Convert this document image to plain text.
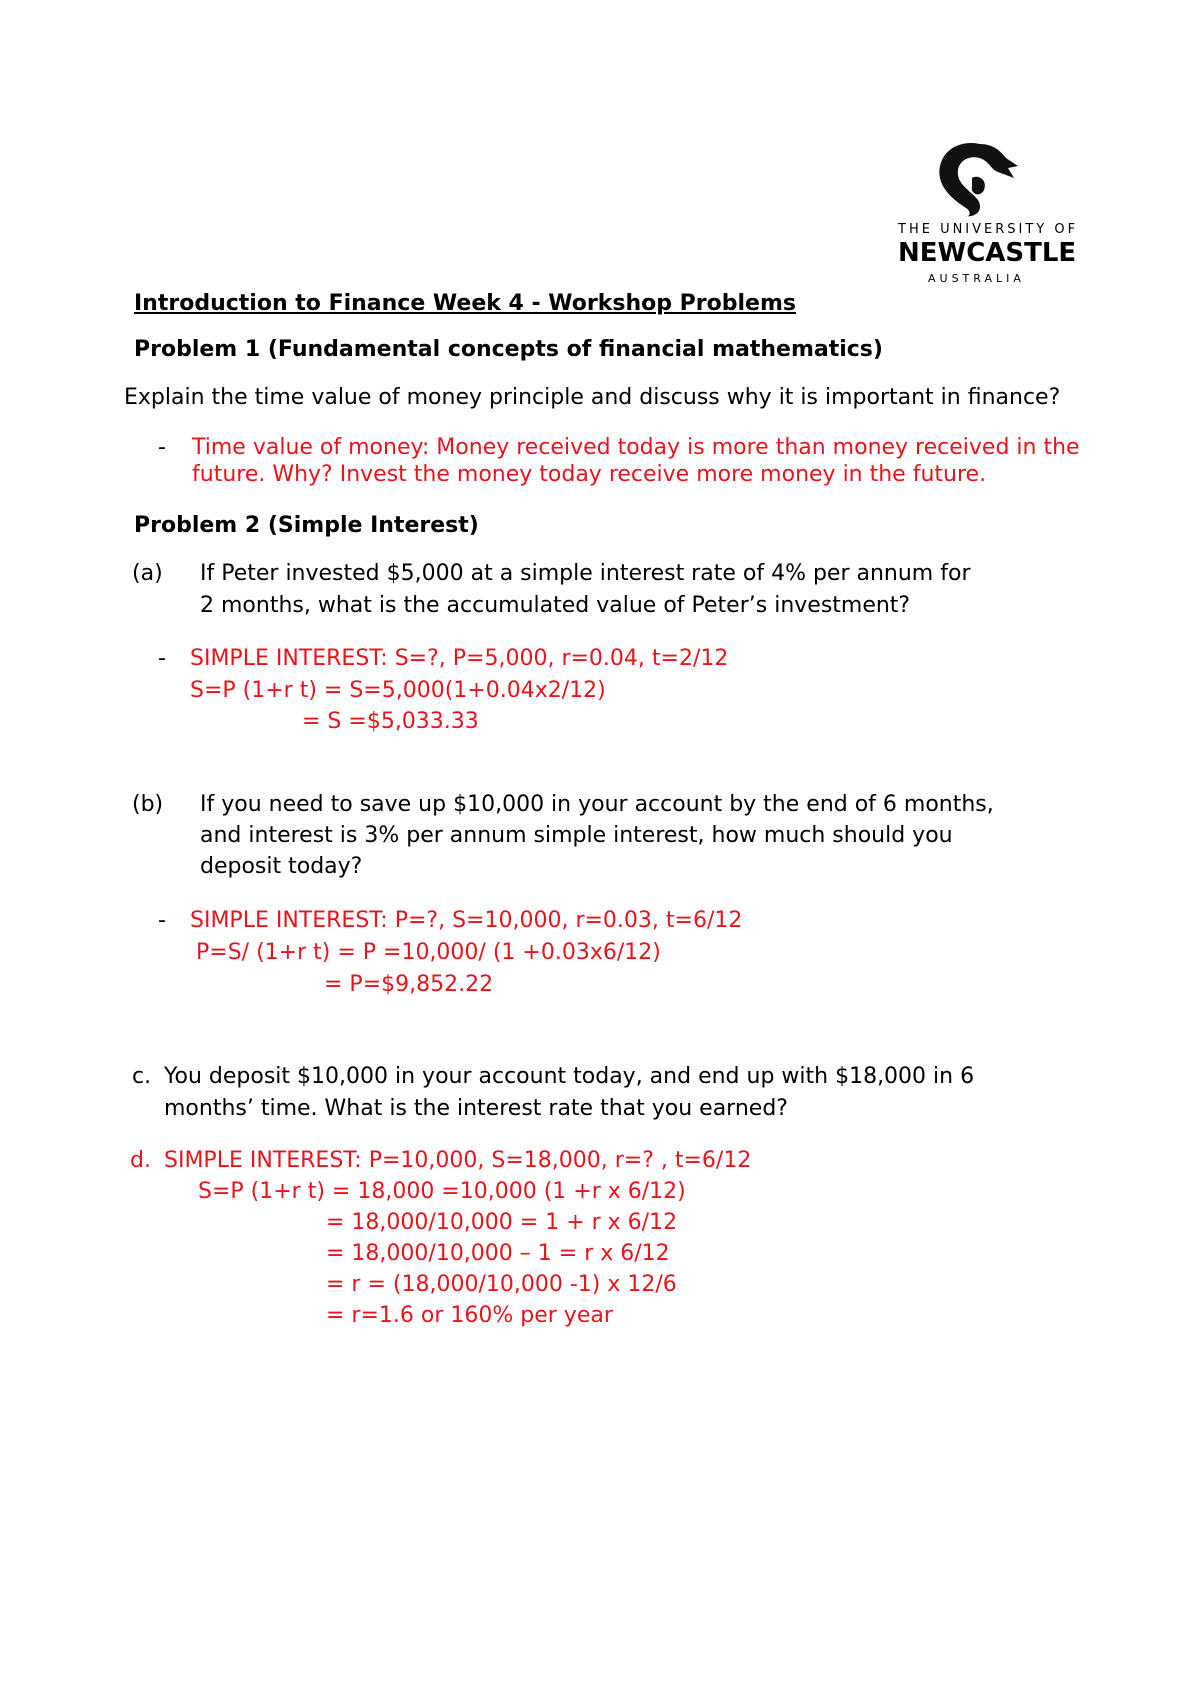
THE UNIVERSITY OF
NEWCASTLE
AUSTRALIA
Introduction to Finance Week 4 - Workshop Problems
Problem 1 (Fundamental concepts of financial mathematics)
Explain the time value of money principle and discuss why it is important in finance?
- Time value of money: Money received today is more than money received in the
future. Why? Invest the money today receive more money in the future.
Problem 2 (Simple Interest)
(a) If Peter invested $5,000 at a simple interest rate of 4% per annum for
2 months, what is the accumulated value of Peter’s investment?
- SIMPLE INTEREST: S=?, P=5,000, r=0.04, t=2/12
S=P (1+r t) = S=5,000(1+0.04x2/12)
= S =$5,033.33
(b) If you need to save up $10,000 in your account by the end of 6 months,
and interest is 3% per annum simple interest, how much should you
deposit today?
- SIMPLE INTEREST: P=?, S=10,000, r=0.03, t=6/12
P=S/ (1+r t) = P =10,000/ (1 +0.03x6/12)
= P=$9,852.22
c. You deposit $10,000 in your account today, and end up with $18,000 in 6
months’ time. What is the interest rate that you earned?
d. SIMPLE INTEREST: P=10,000, S=18,000, r=? , t=6/12
S=P (1+r t) = 18,000 =10,000 (1 +r x 6/12)
= 18,000/10,000 = 1 + r x 6/12
= 18,000/10,000 – 1 = r x 6/12
= r = (18,000/10,000 -1) x 12/6
= r=1.6 or 160% per year
